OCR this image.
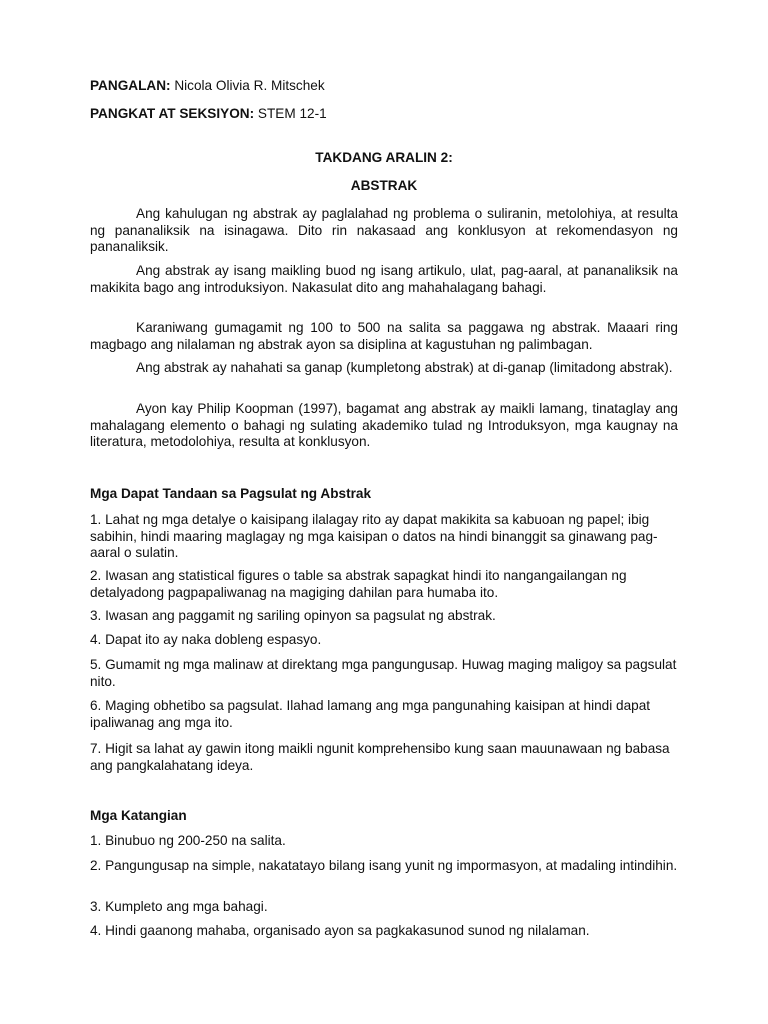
PANGALAN: Nicola Olivia R. Mitschek
PANGKAT AT SEKSIYON: STEM 12-1
TAKDANG ARALIN 2:
ABSTRAK
Ang kahulugan ng abstrak ay paglalahad ng problema o suliranin, metolohiya, at resulta ng pananaliksik na isinagawa. Dito rin nakasaad ang konklusyon at rekomendasyon ng pananaliksik.
Ang abstrak ay isang maikling buod ng isang artikulo, ulat, pag-aaral, at pananaliksik na makikita bago ang introduksiyon. Nakasulat dito ang mahahalagang bahagi.
Karaniwang gumagamit ng 100 to 500 na salita sa paggawa ng abstrak. Maaari ring magbago ang nilalaman ng abstrak ayon sa disiplina at kagustuhan ng palimbagan.
Ang abstrak ay nahahati sa ganap (kumpletong abstrak) at di-ganap (limitadong abstrak).
Ayon kay Philip Koopman (1997), bagamat ang abstrak ay maikli lamang, tinataglay ang mahalagang elemento o bahagi ng sulating akademiko tulad ng Introduksyon, mga kaugnay na literatura, metodolohiya, resulta at konklusyon.
Mga Dapat Tandaan sa Pagsulat ng Abstrak
1. Lahat ng mga detalye o kaisipang ilalagay rito ay dapat makikita sa kabuoan ng papel; ibig sabihin, hindi maaring maglagay ng mga kaisipan o datos na hindi binanggit sa ginawang pag-aaral o sulatin.
2. Iwasan ang statistical figures o table sa abstrak sapagkat hindi ito nangangailangan ng detalyadong pagpapaliwanag na magiging dahilan para humaba ito.
3. Iwasan ang paggamit ng sariling opinyon sa pagsulat ng abstrak.
4. Dapat ito ay naka dobleng espasyo.
5. Gumamit ng mga malinaw at direktang mga pangungusap. Huwag maging maligoy sa pagsulat nito.
6. Maging obhetibo sa pagsulat. Ilahad lamang ang mga pangunahing kaisipan at hindi dapat ipaliwanag ang mga ito.
7. Higit sa lahat ay gawin itong maikli ngunit komprehensibo kung saan mauunawaan ng babasa ang pangkalahatang ideya.
Mga Katangian
1. Binubuo ng 200-250 na salita.
2. Pangungusap na simple, nakatatayo bilang isang yunit ng impormasyon, at madaling intindihin.
3. Kumpleto ang mga bahagi.
4. Hindi gaanong mahaba, organisado ayon sa pagkakasunod sunod ng nilalaman.
